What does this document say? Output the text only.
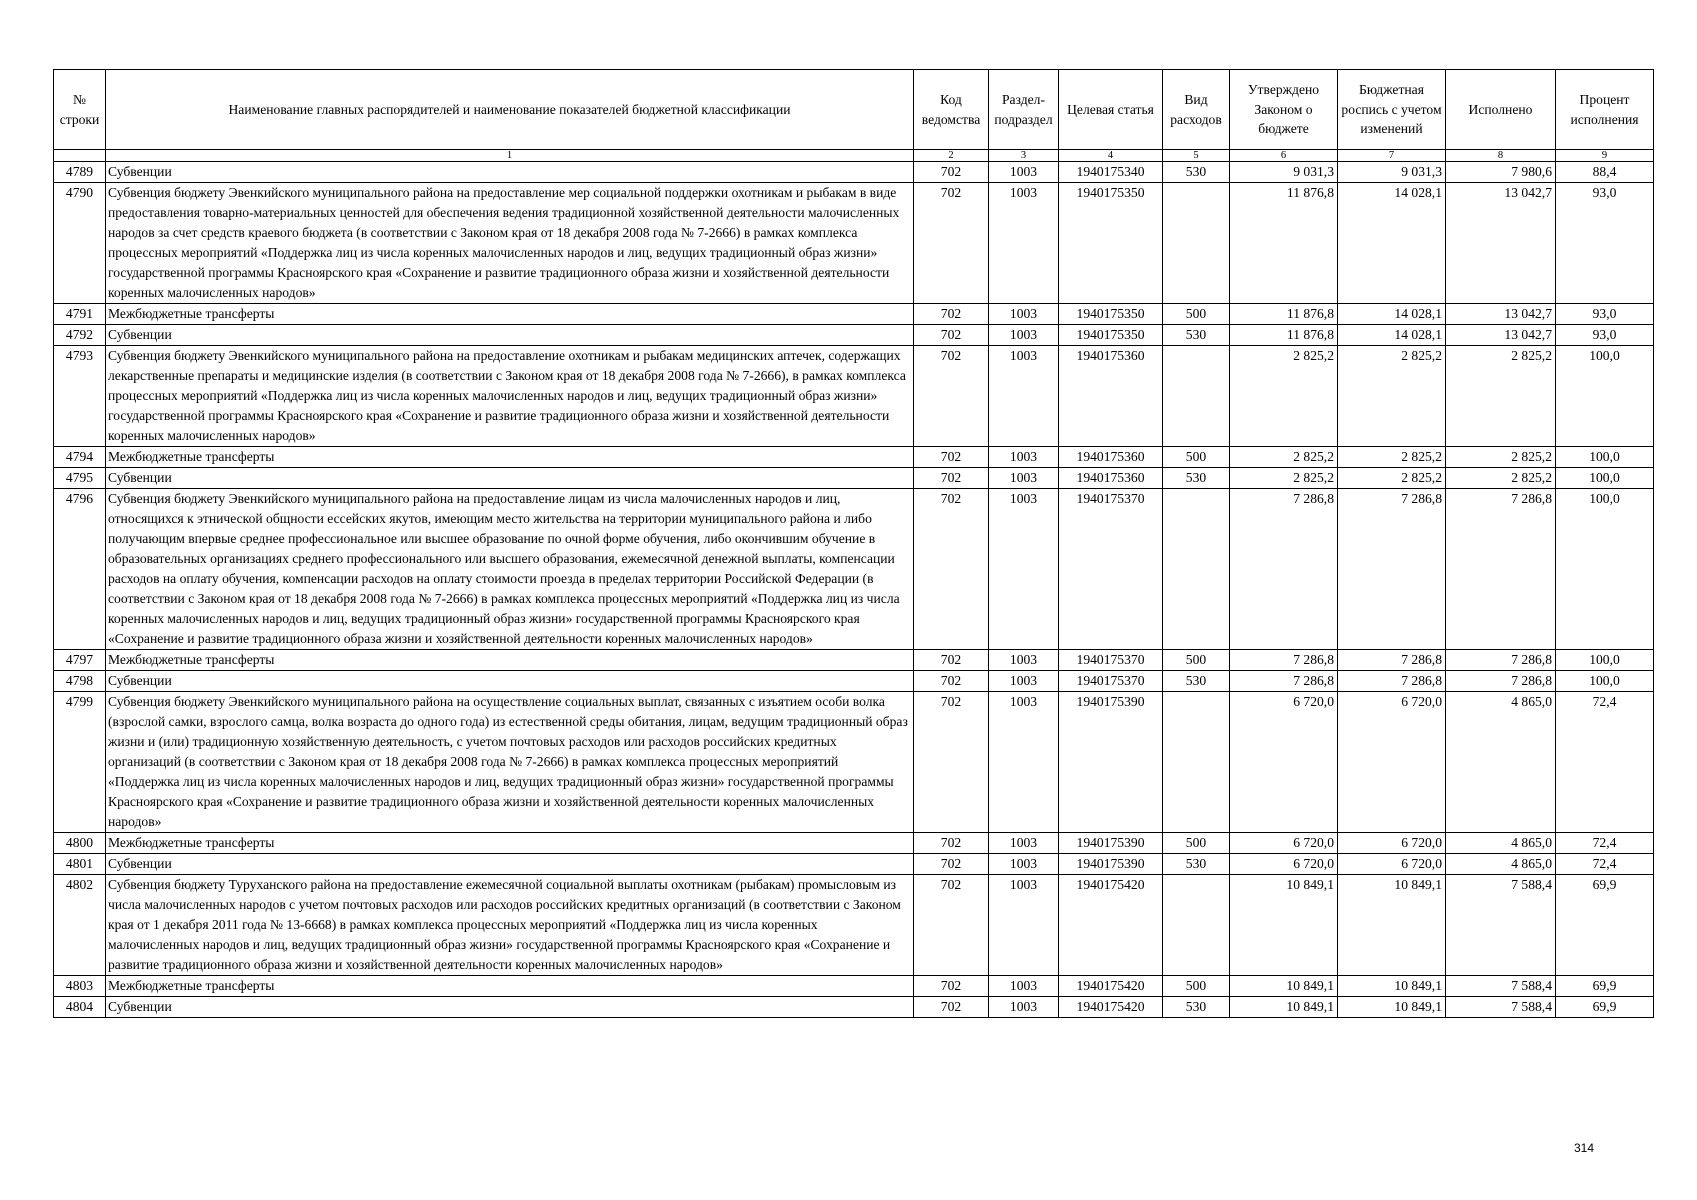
№ строки	Наименование главных распорядителей и наименование показателей бюджетной классификации	Код ведомства	Раздел-подраздел	Целевая статья	Вид расходов	Утверждено Законом о бюджете	Бюджетная роспись с учетом изменений	Исполнено	Процент исполнения
	1	2	3	4	5	6	7	8	9
4789	Субвенции	702	1003	1940175340	530	9 031,3	9 031,3	7 980,6	88,4
4790	Субвенция бюджету Эвенкийского муниципального района на предоставление мер социальной поддержки охотникам и рыбакам в виде предоставления товарно-материальных ценностей для обеспечения ведения традиционной хозяйственной деятельности малочисленных народов за счет средств краевого бюджета (в соответствии с Законом края от 18 декабря 2008 года № 7-2666) в рамках комплекса процессных мероприятий «Поддержка лиц из числа коренных малочисленных народов и лиц, ведущих традиционный образ жизни» государственной программы Красноярского края «Сохранение и развитие традиционного образа жизни и хозяйственной деятельности коренных малочисленных народов»	702	1003	1940175350		11 876,8	14 028,1	13 042,7	93,0
4791	Межбюджетные трансферты	702	1003	1940175350	500	11 876,8	14 028,1	13 042,7	93,0
4792	Субвенции	702	1003	1940175350	530	11 876,8	14 028,1	13 042,7	93,0
4793	Субвенция бюджету Эвенкийского муниципального района на предоставление охотникам и рыбакам медицинских аптечек, содержащих лекарственные препараты и медицинские изделия (в соответствии с Законом края от 18 декабря 2008 года № 7-2666), в рамках комплекса процессных мероприятий «Поддержка лиц из числа коренных малочисленных народов и лиц, ведущих традиционный образ жизни» государственной программы Красноярского края «Сохранение и развитие традиционного образа жизни и хозяйственной деятельности коренных малочисленных народов»	702	1003	1940175360		2 825,2	2 825,2	2 825,2	100,0
4794	Межбюджетные трансферты	702	1003	1940175360	500	2 825,2	2 825,2	2 825,2	100,0
4795	Субвенции	702	1003	1940175360	530	2 825,2	2 825,2	2 825,2	100,0
4796	Субвенция бюджету Эвенкийского муниципального района на предоставление лицам из числа малочисленных народов и лиц, относящихся к этнической общности ессейских якутов, имеющим место жительства на территории муниципального района и либо получающим впервые среднее профессиональное или высшее образование по очной форме обучения, либо окончившим обучение в образовательных организациях среднего профессионального или высшего образования, ежемесячной денежной выплаты, компенсации расходов на оплату обучения, компенсации расходов на оплату стоимости проезда в пределах территории Российской Федерации (в соответствии с Законом края от 18 декабря 2008 года № 7-2666) в рамках комплекса процессных мероприятий «Поддержка лиц из числа коренных малочисленных народов и лиц, ведущих традиционный образ жизни» государственной программы Красноярского края «Сохранение и развитие традиционного образа жизни и хозяйственной деятельности коренных малочисленных народов»	702	1003	1940175370		7 286,8	7 286,8	7 286,8	100,0
4797	Межбюджетные трансферты	702	1003	1940175370	500	7 286,8	7 286,8	7 286,8	100,0
4798	Субвенции	702	1003	1940175370	530	7 286,8	7 286,8	7 286,8	100,0
4799	Субвенция бюджету Эвенкийского муниципального района на осуществление социальных выплат, связанных с изъятием особи волка (взрослой самки, взрослого самца, волка возраста до одного года) из естественной среды обитания, лицам, ведущим традиционный образ жизни и (или) традиционную хозяйственную деятельность, с учетом почтовых расходов или расходов российских кредитных организаций (в соответствии с Законом края от 18 декабря 2008 года № 7-2666) в рамках комплекса процессных мероприятий «Поддержка лиц из числа коренных малочисленных народов и лиц, ведущих традиционный образ жизни» государственной программы Красноярского края «Сохранение и развитие традиционного образа жизни и хозяйственной деятельности коренных малочисленных народов»	702	1003	1940175390		6 720,0	6 720,0	4 865,0	72,4
4800	Межбюджетные трансферты	702	1003	1940175390	500	6 720,0	6 720,0	4 865,0	72,4
4801	Субвенции	702	1003	1940175390	530	6 720,0	6 720,0	4 865,0	72,4
4802	Субвенция бюджету Туруханского района на предоставление ежемесячной социальной выплаты охотникам (рыбакам) промысловым из числа малочисленных народов с учетом почтовых расходов или расходов российских кредитных организаций (в соответствии с Законом края от 1 декабря 2011 года № 13-6668) в рамках комплекса процессных мероприятий «Поддержка лиц из числа коренных малочисленных народов и лиц, ведущих традиционный образ жизни» государственной программы Красноярского края «Сохранение и развитие традиционного образа жизни и хозяйственной деятельности коренных малочисленных народов»	702	1003	1940175420		10 849,1	10 849,1	7 588,4	69,9
4803	Межбюджетные трансферты	702	1003	1940175420	500	10 849,1	10 849,1	7 588,4	69,9
4804	Субвенции	702	1003	1940175420	530	10 849,1	10 849,1	7 588,4	69,9
314
